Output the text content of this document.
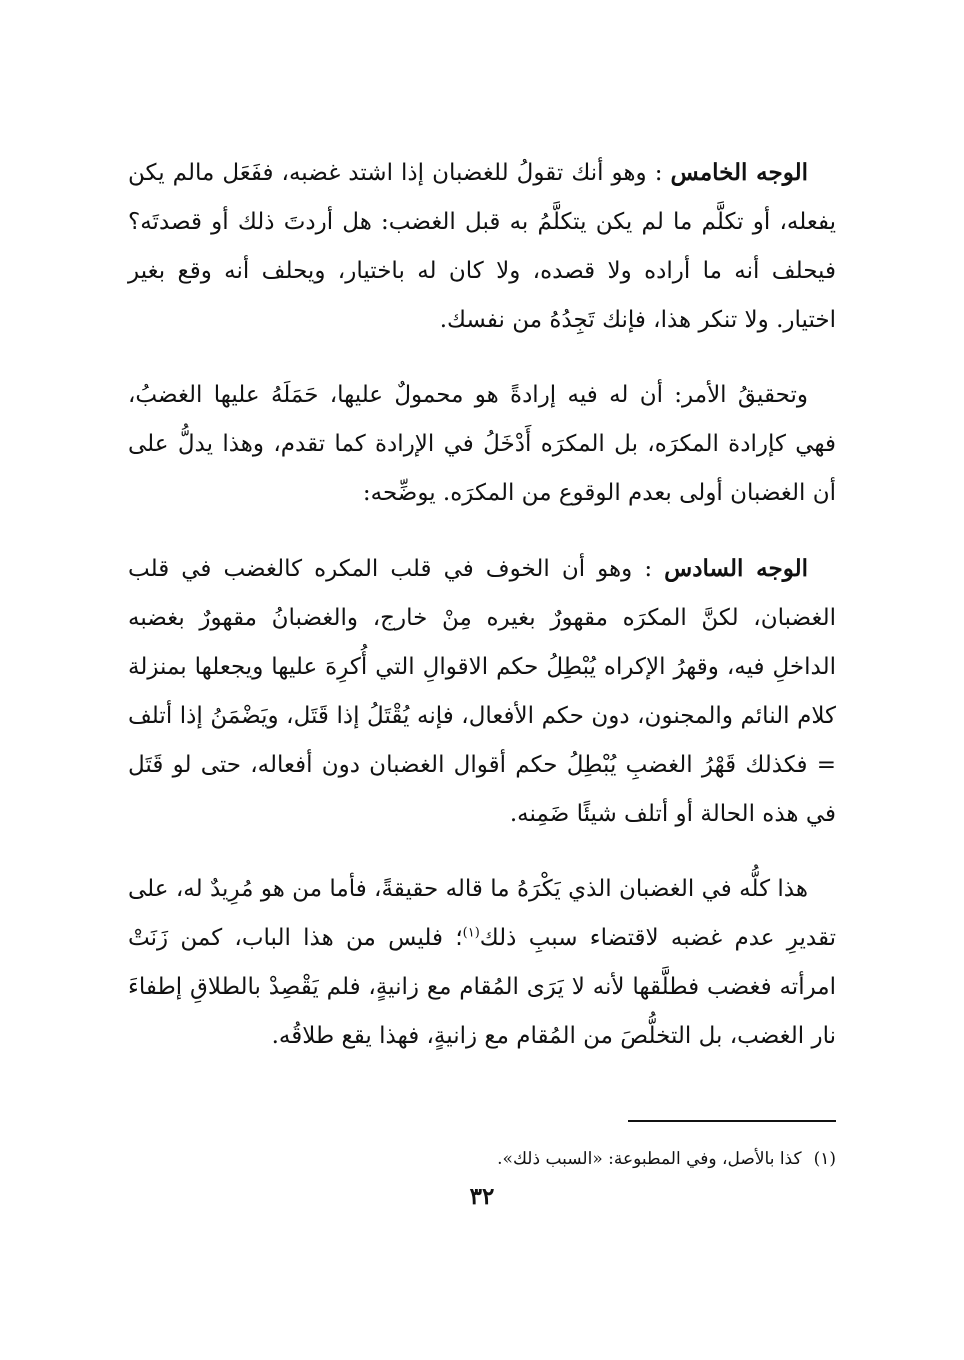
الوجه الخامس : وهو أنك تقولُ للغضبان إذا اشتد غضبه، ففَعَل مالم يكن يفعله، أو تكلَّم ما لم يكن يتكلَّمُ به قبل الغضب: هل أردتَ ذلك أو قصدتَه؟ فيحلف أنه ما أراده ولا قصده، ولا كان له باختيار، ويحلف أنه وقع بغير اختيار. ولا تنكر هذا، فإنك تَجِدُهُ من نفسك.

وتحقيقُ الأمر: أن له فيه إرادةً هو محمولٌ عليها، حَمَلَهُ عليها الغضبُ، فهي كإرادة المكرَه، بل المكرَه أَدْخَلُ في الإرادة كما تقدم، وهذا يدلُّ على أن الغضبان أولى بعدم الوقوع من المكرَه. يوضِّحه:

الوجه السادس : وهو أن الخوف في قلب المكره كالغضب في قلب الغضبان، لكنَّ المكرَه مقهورٌ بغيره مِنْ خارج، والغضبانُ مقهورٌ بغضبه الداخلِ فيه، وقهرُ الإكراه يُبْطِلُ حكم الاقوالِ التي أُكرِهَ عليها ويجعلها بمنزلة كلام النائم والمجنون، دون حكم الأفعال، فإنه يُقْتَلُ إذا قَتَل، ويَضْمَنُ إذا أتلف = فكذلك قَهْرُ الغضبِ يُبْطِلُ حكم أقوال الغضبان دون أفعاله، حتى لو قَتَل في هذه الحالة أو أتلف شيئًا ضَمِنه.

هذا كلُّه في الغضبان الذي يَكْرَهُ ما قاله حقيقةً، فأما من هو مُرِيدٌ له، على تقديرِ عدم غضبه لاقتضاء سببِ ذلك$^{(١)}$؛ فليس من هذا الباب، كمن زَنَتْ امرأته فغضب فطلَّقها لأنه لا يَرَى المُقام مع زانيةٍ، فلم يَقْصِدْ بالطلاقِ إطفاءَ نار الغضب، بل التخلُّصَ من المُقام مع زانيةٍ، فهذا يقع طلاقُه.

(١)كذا بالأصل، وفي المطبوعة: «السبب ذلك».
٣٢
